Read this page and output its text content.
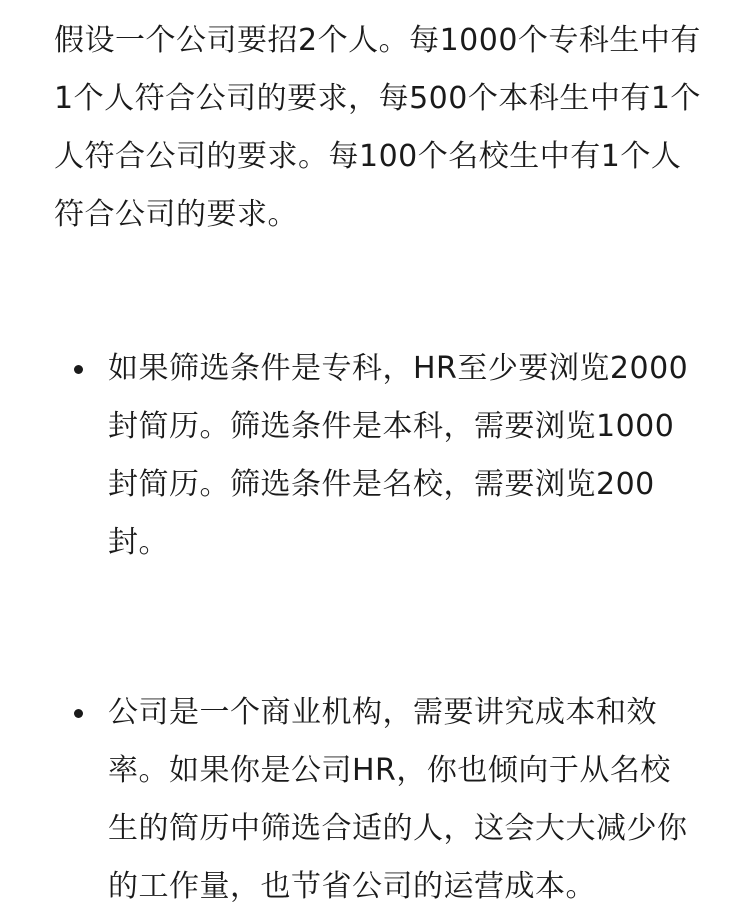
假设一个公司要招2个人。每1000个专科生中有
1个人符合公司的要求，每500个本科生中有1个
人符合公司的要求。每100个名校生中有1个人
符合公司的要求。

如果筛选条件是专科，HR至少要浏览2000
封简历。筛选条件是本科，需要浏览1000
封简历。筛选条件是名校，需要浏览200
封。
公司是一个商业机构，需要讲究成本和效
率。如果你是公司HR，你也倾向于从名校
生的简历中筛选合适的人，这会大大减少你
的工作量，也节省公司的运营成本。
